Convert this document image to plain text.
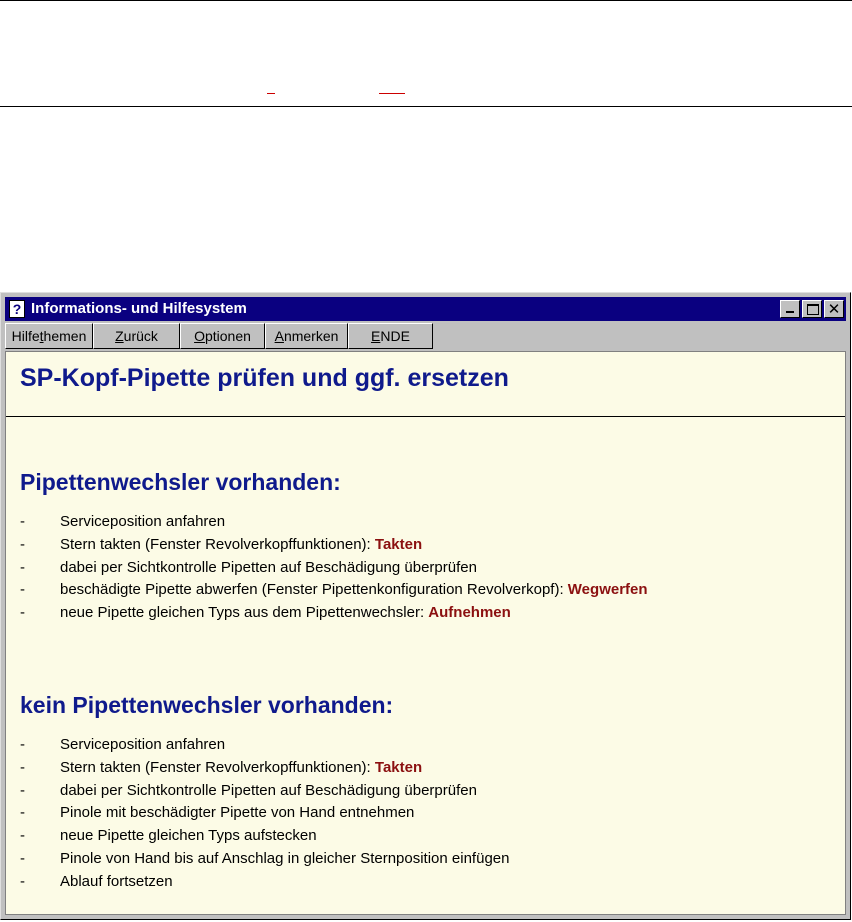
? Informations- und Hilfesystem	✕
Hilfethemen	Zurück	Optionen	Anmerken	ENDE
SP-Kopf-Pipette prüfen und ggf. ersetzen
Pipettenwechsler vorhanden:
- Serviceposition anfahren
- Stern takten (Fenster Revolverkopffunktionen): Takten
- dabei per Sichtkontrolle Pipetten auf Beschädigung überprüfen
- beschädigte Pipette abwerfen (Fenster Pipettenkonfiguration Revolverkopf): Wegwerfen
- neue Pipette gleichen Typs aus dem Pipettenwechsler: Aufnehmen
kein Pipettenwechsler vorhanden:
- Serviceposition anfahren
- Stern takten (Fenster Revolverkopffunktionen): Takten
- dabei per Sichtkontrolle Pipetten auf Beschädigung überprüfen
- Pinole mit beschädigter Pipette von Hand entnehmen
- neue Pipette gleichen Typs aufstecken
- Pinole von Hand bis auf Anschlag in gleicher Sternposition einfügen
- Ablauf fortsetzen
